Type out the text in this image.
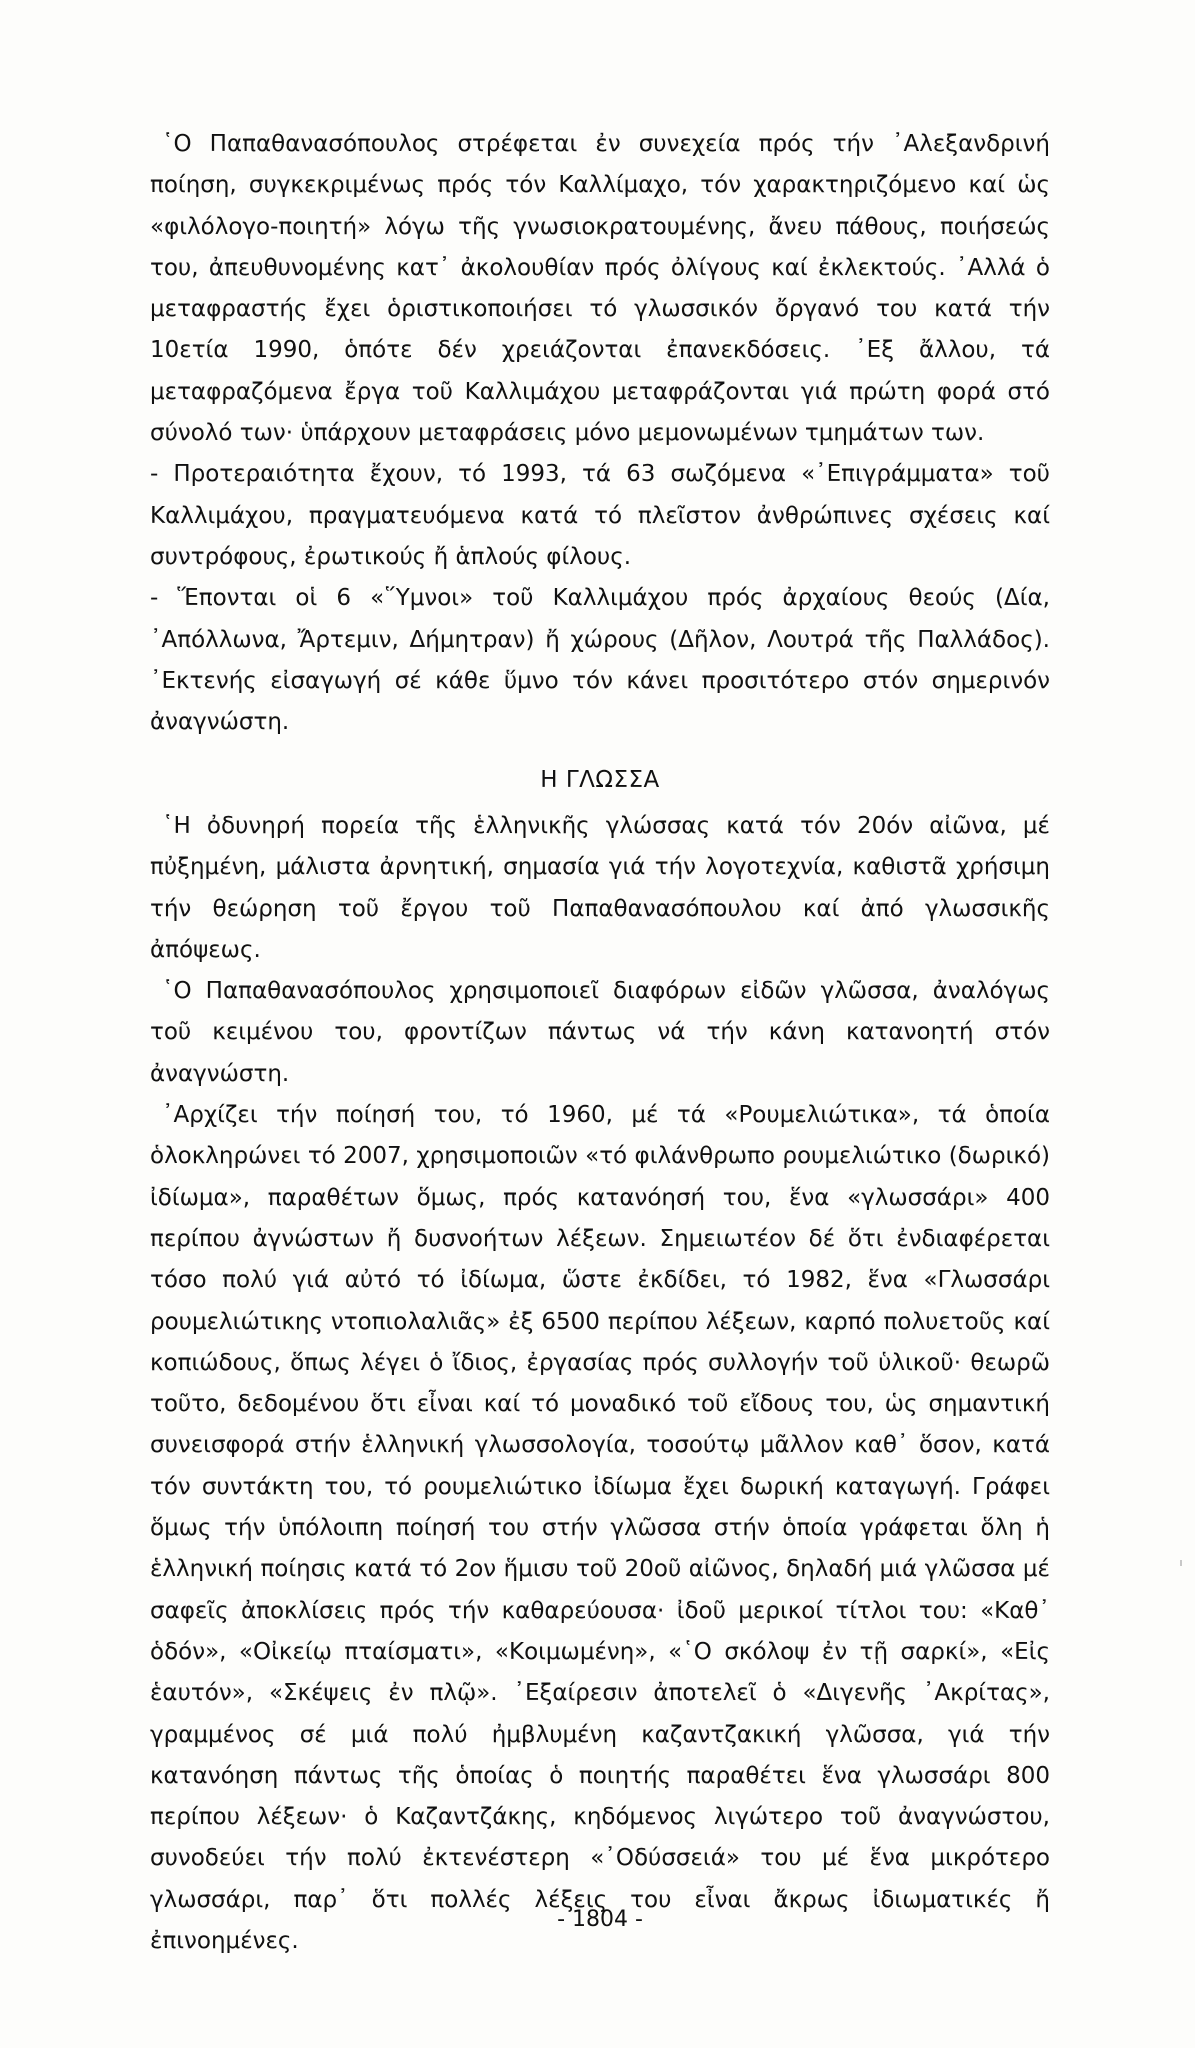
῾Ο Παπαθανασόπουλος στρέφεται ἐν συνεχεία πρός τήν ᾿Αλεξανδρινή ποίηση, συγκεκριμένως πρός τόν Καλλίμαχο, τόν χαρακτηριζόμενο καί ὡς «φιλόλογο-ποιητή» λόγω τῆς γνωσιοκρατουμένης, ἄνευ πάθους, ποιήσεώς του, ἀπευθυνομένης κατ᾿ ἀκολουθίαν πρός ὀλίγους καί ἐκλεκτούς. ᾿Αλλά ὁ μεταφραστής ἔχει ὁριστικοποιήσει τό γλωσσικόν ὄργανό του κατά τήν 10ετία 1990, ὁπότε δέν χρειάζονται ἐπανεκδόσεις. ᾿Εξ ἄλλου, τά μεταφραζόμενα ἔργα τοῦ Καλλιμάχου μεταφράζονται γιά πρώτη φορά στό σύνολό των· ὑπάρχουν μεταφράσεις μόνο μεμονωμένων τμημάτων των.

- Προτεραιότητα ἔχουν, τό 1993, τά 63 σωζόμενα «᾿Επιγράμματα» τοῦ Καλλιμάχου, πραγματευόμενα κατά τό πλεῖστον ἀνθρώπινες σχέσεις καί συντρόφους, ἐρωτικούς ἤ ἁπλούς φίλους.

- Ἕπονται οἱ 6 «῞Υμνοι» τοῦ Καλλιμάχου πρός ἀρχαίους θεούς (Δία, ᾿Απόλλωνα, Ἄρτεμιν, Δήμητραν) ἤ χώρους (Δῆλον, Λουτρά τῆς Παλλάδος). ᾿Εκτενής εἰσαγωγή σέ κάθε ὕμνο τόν κάνει προσιτότερο στόν σημερινόν ἀναγνώστη.

Η ΓΛΩΣΣΑ

῾Η ὀδυνηρή πορεία τῆς ἑλληνικῆς γλώσσας κατά τόν 20όν αἰῶνα, μέ πὐξημένη, μάλιστα ἀρνητική, σημασία γιά τήν λογοτεχνία, καθιστᾶ χρήσιμη τήν θεώρηση τοῦ ἔργου τοῦ Παπαθανασόπουλου καί ἀπό γλωσσικῆς ἀπόψεως.

῾Ο Παπαθανασόπουλος χρησιμοποιεῖ διαφόρων εἰδῶν γλῶσσα, ἀναλόγως τοῦ κειμένου του, φροντίζων πάντως νά τήν κάνη κατανοητή στόν ἀναγνώστη.

᾿Αρχίζει τήν ποίησή του, τό 1960, μέ τά «Ρουμελιώτικα», τά ὁποία ὁλοκληρώνει τό 2007, χρησιμοποιῶν «τό φιλάνθρωπο ρουμελιώτικο (δωρικό) ἰδίωμα», παραθέτων ὅμως, πρός κατανόησή του, ἕνα «γλωσσάρι» 400 περίπου ἀγνώστων ἤ δυσνοήτων λέξεων. Σημειωτέον δέ ὅτι ἐνδιαφέρεται τόσο πολύ γιά αὐτό τό ἰδίωμα, ὥστε ἐκδίδει, τό 1982, ἕνα «Γλωσσάρι ρουμελιώτικης ντοπιολαλιᾶς» ἐξ 6500 περίπου λέξεων, καρπό πολυετοῦς καί κοπιώδους, ὅπως λέγει ὁ ἴδιος, ἐργασίας πρός συλλογήν τοῦ ὑλικοῦ· θεωρῶ τοῦτο, δεδομένου ὅτι εἶναι καί τό μοναδικό τοῦ εἴδους του, ὡς σημαντική συνεισφορά στήν ἑλληνική γλωσσολογία, τοσούτῳ μᾶλλον καθ᾿ ὅσον, κατά τόν συντάκτη του, τό ρουμελιώτικο ἰδίωμα ἔχει δωρική καταγωγή. Γράφει ὅμως τήν ὑπόλοιπη ποίησή του στήν γλῶσσα στήν ὁποία γράφεται ὅλη ἡ ἑλληνική ποίησις κατά τό 2ον ἥμισυ τοῦ 20οῦ αἰῶνος, δηλαδή μιά γλῶσσα μέ σαφεῖς ἀποκλίσεις πρός τήν καθαρεύουσα· ἰδοῦ μερικοί τίτλοι του: «Καθ᾿ ὁδόν», «Οἰκείῳ πταίσματι», «Κοιμωμένη», «῾Ο σκόλοψ ἐν τῇ σαρκί», «Εἰς ἑαυτόν», «Σκέψεις ἐν πλῷ». ᾿Εξαίρεσιν ἀποτελεῖ ὁ «Διγενῆς ᾿Ακρίτας», γραμμένος σέ μιά πολύ ἠμβλυμένη καζαντζακική γλῶσσα, γιά τήν κατανόηση πάντως τῆς ὁποίας ὁ ποιητής παραθέτει ἕνα γλωσσάρι 800 περίπου λέξεων· ὁ Καζαντζάκης, κηδόμενος λιγώτερο τοῦ ἀναγνώστου, συνοδεύει τήν πολύ ἐκτενέστερη «᾿Οδύσσειά» του μέ ἕνα μικρότερο γλωσσάρι, παρ᾿ ὅτι πολλές λέξεις του εἶναι ἄκρως ἰδιωματικές ἤ ἐπινοημένες.

- 1804 -
